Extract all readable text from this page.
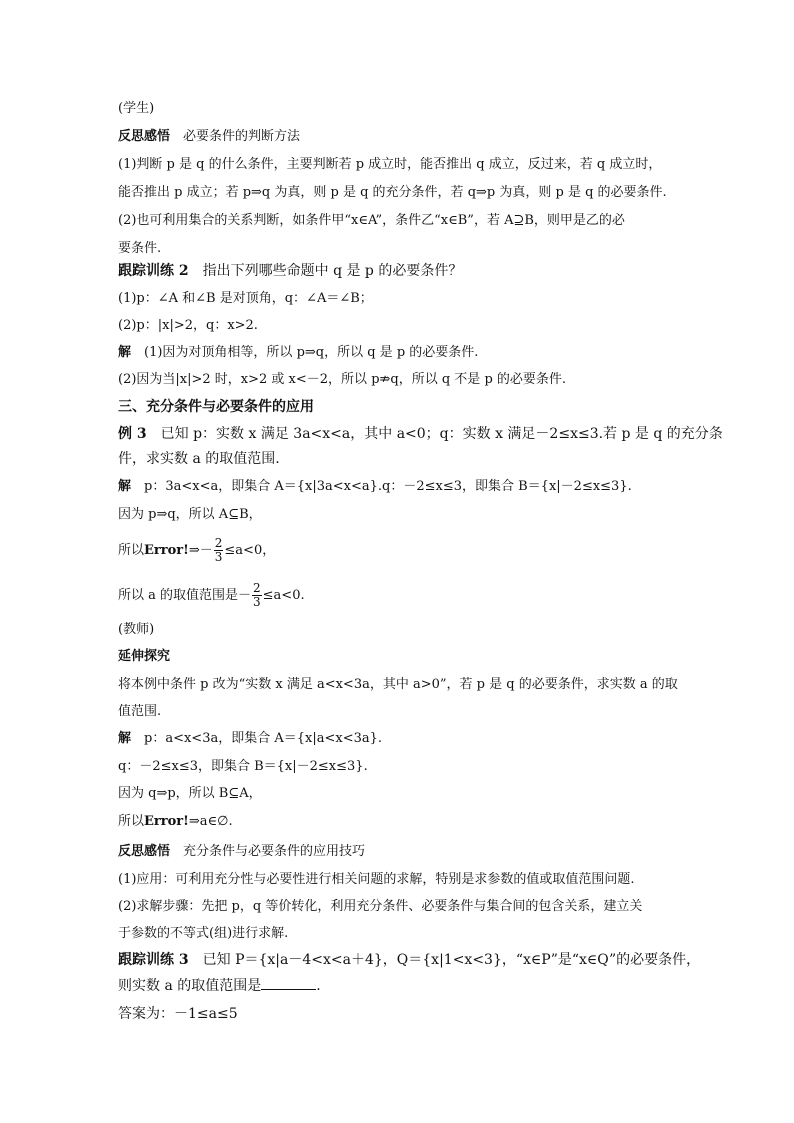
(学生)
反思感悟　必要条件的判断方法
(1)判断 p 是 q 的什么条件，主要判断若 p 成立时，能否推出 q 成立，反过来，若 q 成立时，
能否推出 p 成立；若 p⇒q 为真，则 p 是 q 的充分条件，若 q⇒p 为真，则 p 是 q 的必要条件.
(2)也可利用集合的关系判断，如条件甲“x∈A”，条件乙“x∈B”，若 A⊇B，则甲是乙的必
要条件.
跟踪训练 2　指出下列哪些命题中 q 是 p 的必要条件？
(1)p：∠A 和∠B 是对顶角，q：∠A＝∠B；
(2)p：|x|>2，q：x>2.
解　(1)因为对顶角相等，所以 p⇒q，所以 q 是 p 的必要条件.
(2)因为当|x|>2 时，x>2 或 x<－2，所以 p⇏q，所以 q 不是 p 的必要条件.
三、充分条件与必要条件的应用
例 3　已知 p：实数 x 满足 3a<x<a，其中 a<0；q：实数 x 满足－2≤x≤3.若 p 是 q 的充分条
件，求实数 a 的取值范围.
解　p：3a<x<a，即集合 A＝{x|3a<x<a}.q：－2≤x≤3，即集合 B＝{x|－2≤x≤3}.
因为 p⇒q，所以 A⊆B，
所以Error!⇒－ $\frac{2}{3} \le a<0$，
所以 a 的取值范围是－ $\frac{2}{3} \le a<0$.
(教师)
延伸探究
将本例中条件 p 改为“实数 x 满足 a<x<3a，其中 a>0”，若 p 是 q 的必要条件，求实数 a 的取
值范围.
解　p：a<x<3a，即集合 A＝{x|a<x<3a}.
q：－2≤x≤3，即集合 B＝{x|－2≤x≤3}.
因为 q⇒p，所以 B⊆A，
所以Error!⇒a∈∅.
反思感悟　充分条件与必要条件的应用技巧
(1)应用：可利用充分性与必要性进行相关问题的求解，特别是求参数的值或取值范围问题.
(2)求解步骤：先把 p，q 等价转化，利用充分条件、必要条件与集合间的包含关系，建立关
于参数的不等式(组)进行求解.
跟踪训练 3　已知 P＝{x|a－4<x<a＋4}，Q＝{x|1<x<3}，“x∈P”是“x∈Q”的必要条件，
则实数 a 的取值范围是	.
答案为：－1≤a≤5
